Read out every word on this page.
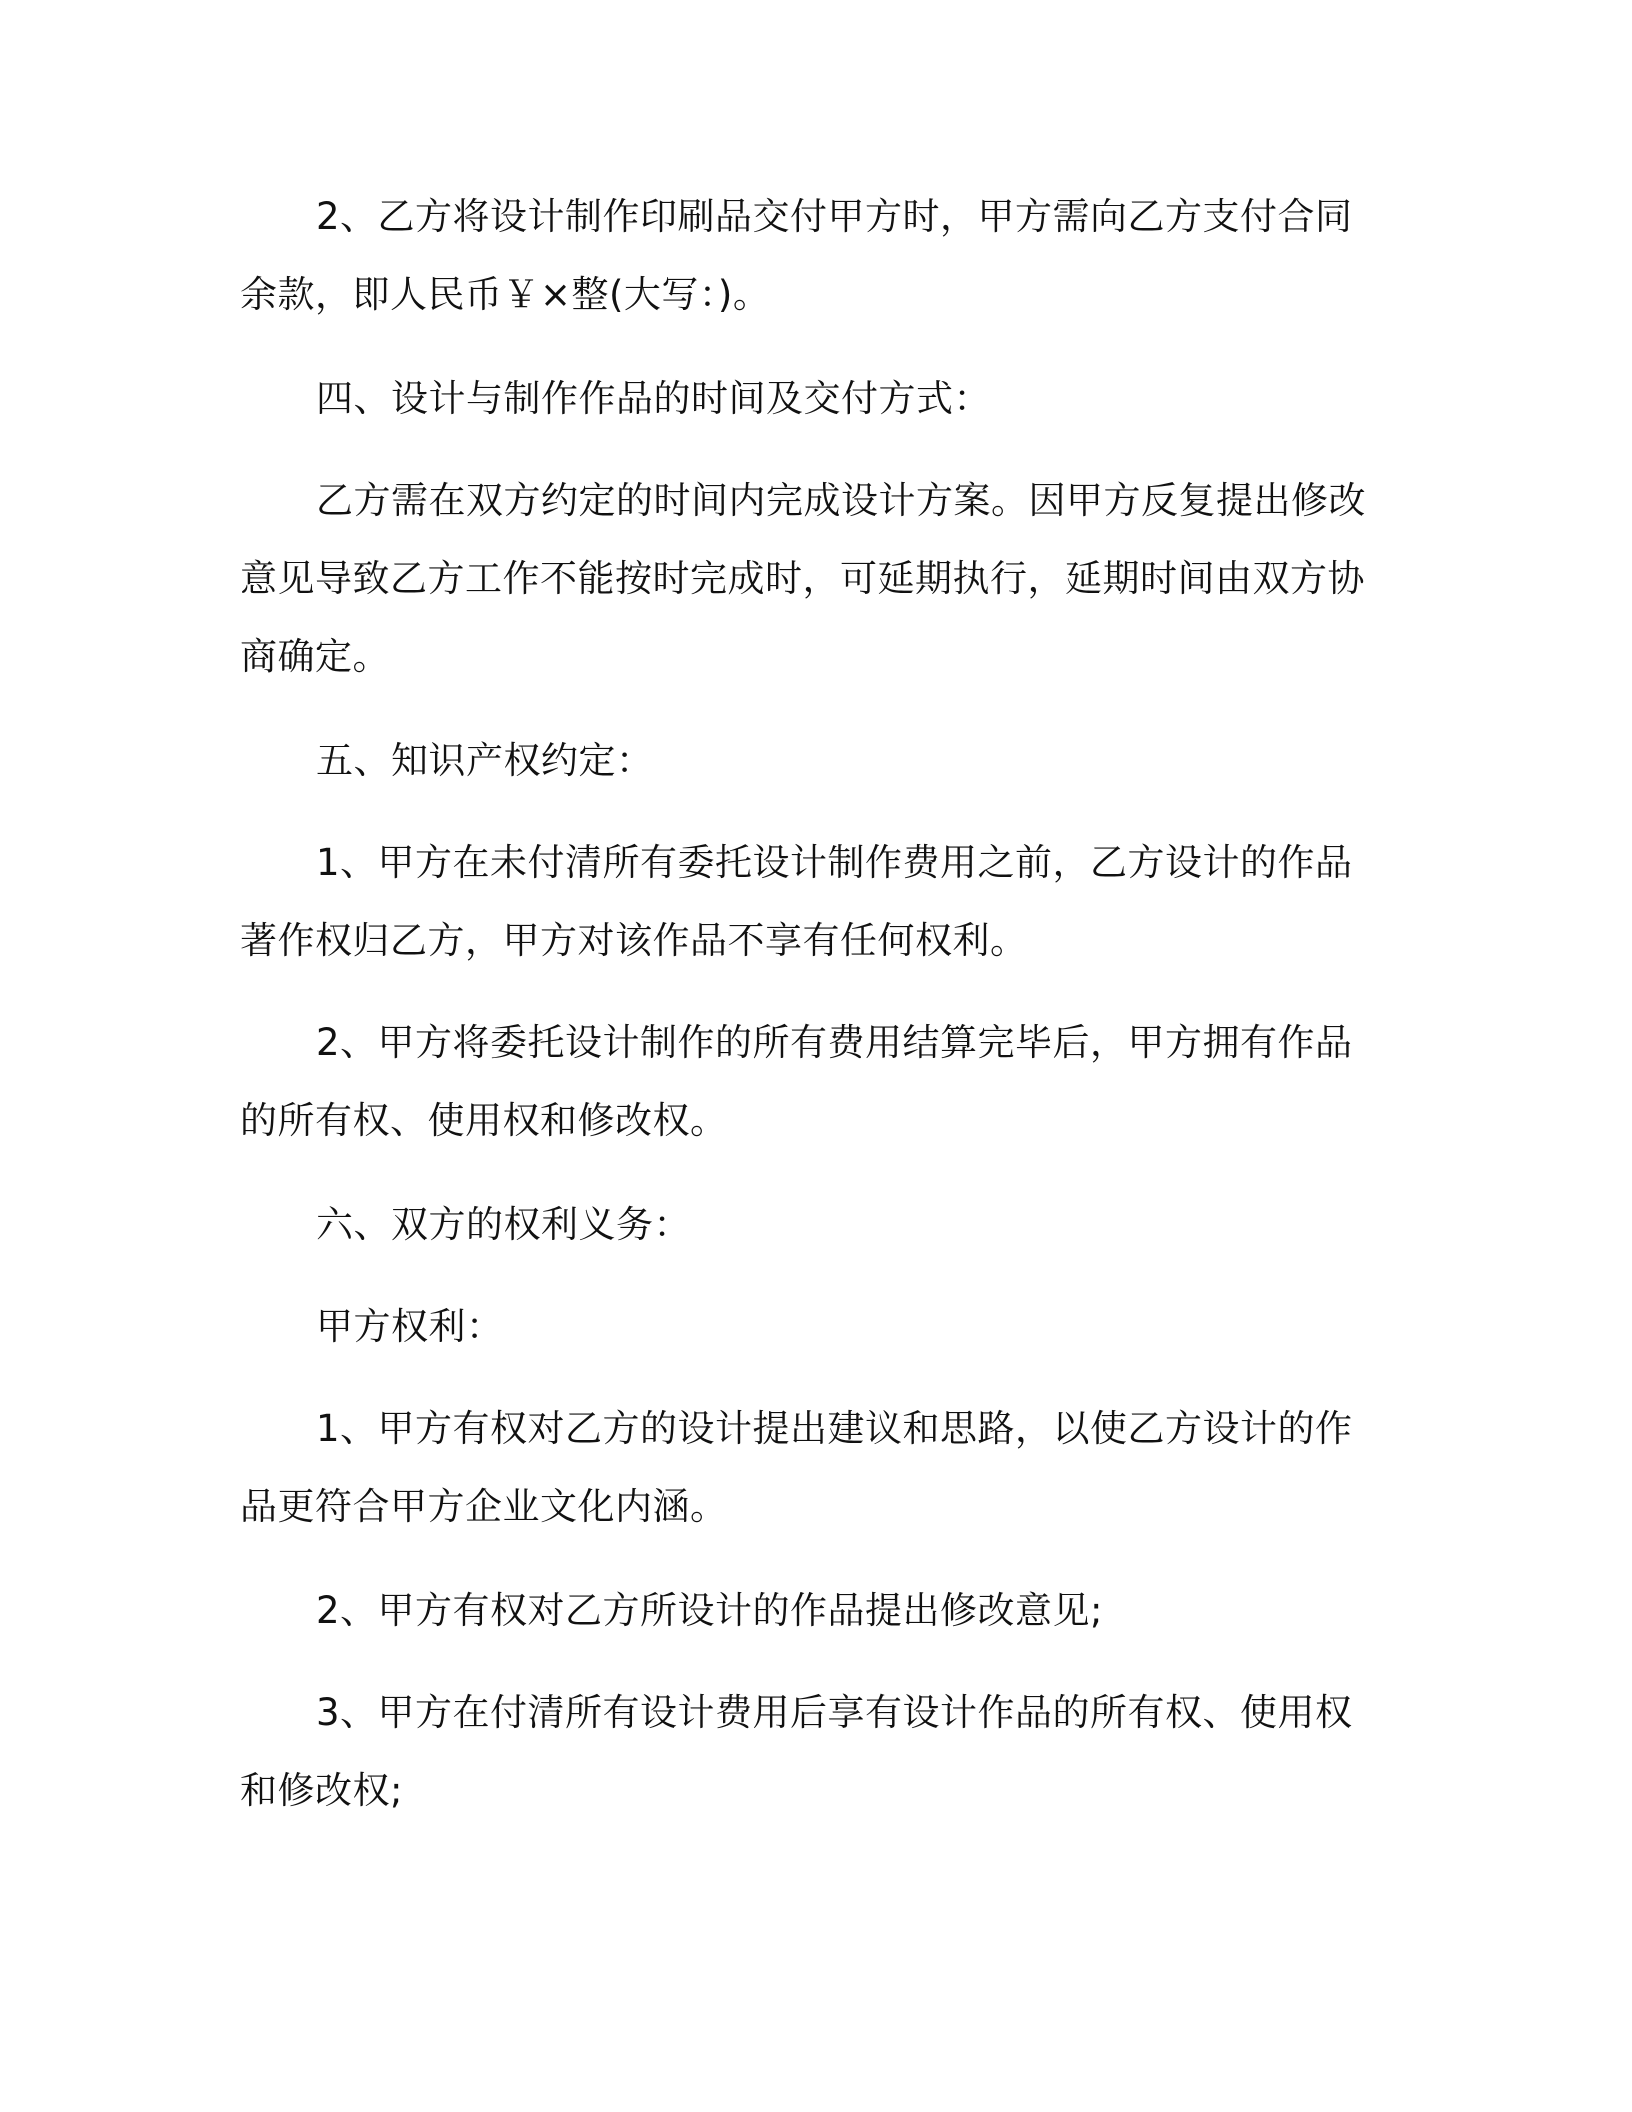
2、乙方将设计制作印刷品交付甲方时，甲方需向乙方支付合同余款，即人民币￥×整(大写：)。

四、设计与制作作品的时间及交付方式：

乙方需在双方约定的时间内完成设计方案。因甲方反复提出修改意见导致乙方工作不能按时完成时，可延期执行，延期时间由双方协商确定。

五、知识产权约定：

1、甲方在未付清所有委托设计制作费用之前，乙方设计的作品著作权归乙方，甲方对该作品不享有任何权利。

2、甲方将委托设计制作的所有费用结算完毕后，甲方拥有作品的所有权、使用权和修改权。

六、双方的权利义务：

甲方权利：

1、甲方有权对乙方的设计提出建议和思路，以使乙方设计的作品更符合甲方企业文化内涵。

2、甲方有权对乙方所设计的作品提出修改意见;

3、甲方在付清所有设计费用后享有设计作品的所有权、使用权和修改权;
